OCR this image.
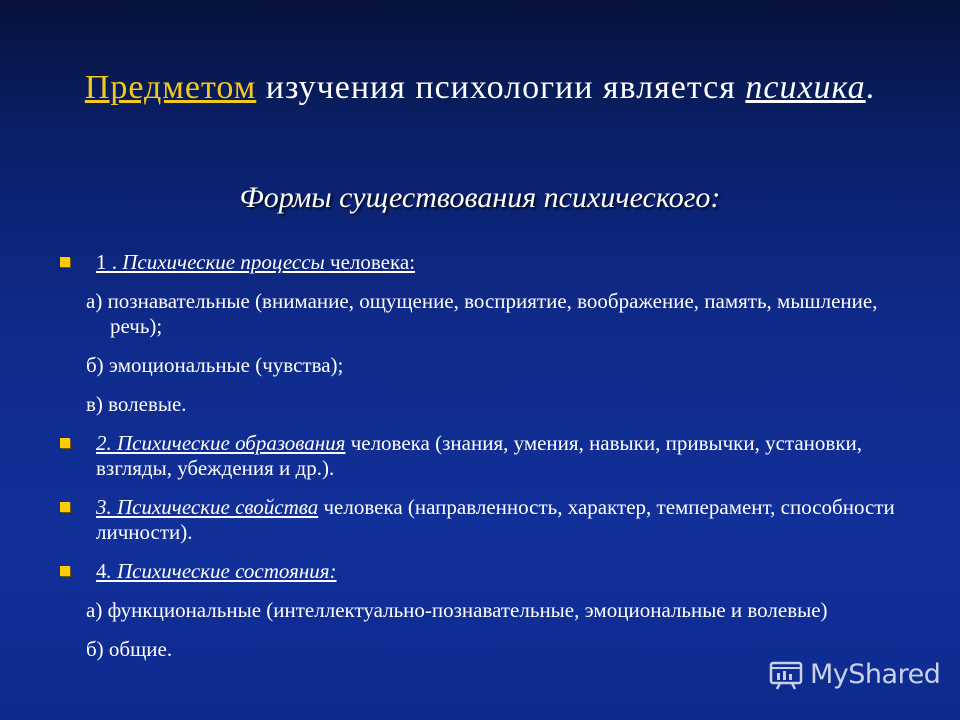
Предметом изучения психологии является психика.
Формы существования психического:
1 . Психические процессы человека:
а) познавательные (внимание, ощущение, восприятие, воображение, память, мышление, речь);
б) эмоциональные (чувства);
в) волевые.
2. Психические образования человека (знания, умения, навыки, привычки, установки, взгляды, убеждения и др.).
3. Психические свойства человека (направленность, характер, темперамент, способности личности).
4. Психические состояния:
а) функциональные (интеллектуально-познавательные, эмоциональные и волевые)
б) общие.
MyShared
